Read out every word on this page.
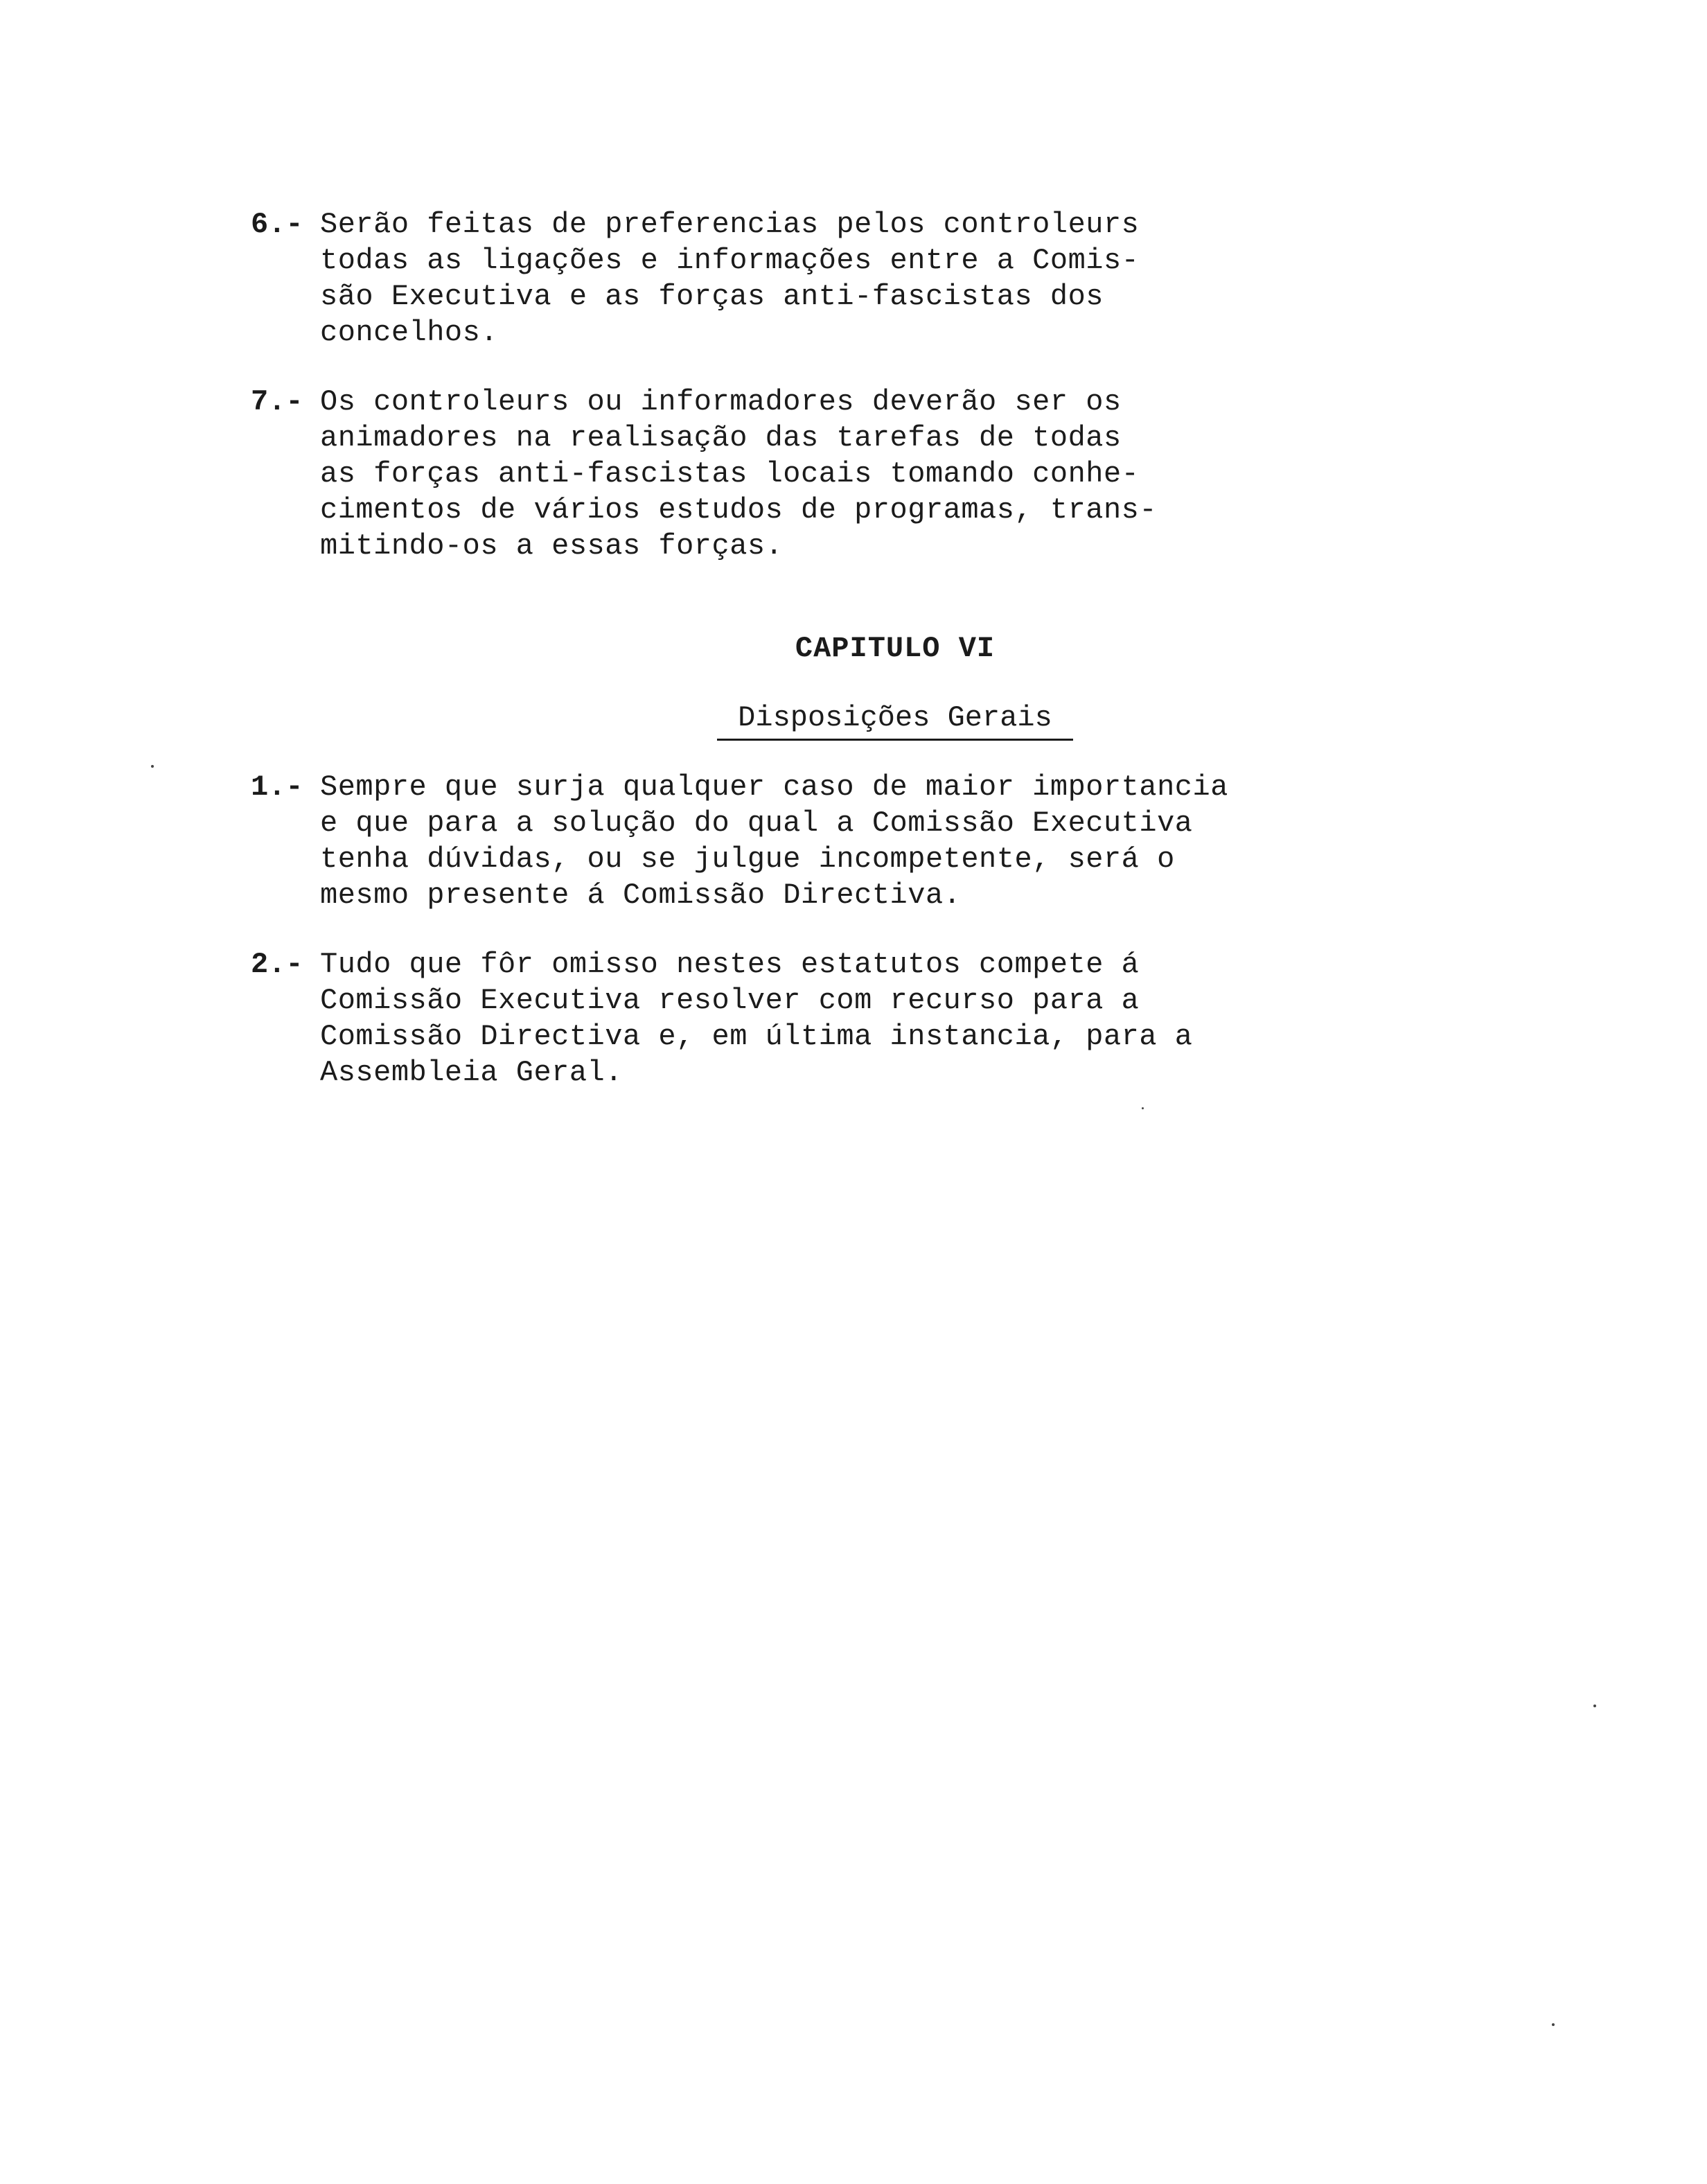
6.- Serão feitas de preferencias pelos controleurs
todas as ligações e informações entre a Comis-
são Executiva e as forças anti-fascistas dos
concelhos.
7.- Os controleurs ou informadores deverão ser os
animadores na realisação das tarefas de todas
as forças anti-fascistas locais tomando conhe-
cimentos de vários estudos de programas, trans-
mitindo-os a essas forças.
CAPITULO VI
Disposições Gerais
1.- Sempre que surja qualquer caso de maior importancia
e que para a solução do qual a Comissão Executiva
tenha dúvidas, ou se julgue incompetente, será o
mesmo presente á Comissão Directiva.
2.- Tudo que fôr omisso nestes estatutos compete á
Comissão Executiva resolver com recurso para a
Comissão Directiva e, em última instancia, para a
Assembleia Geral.
